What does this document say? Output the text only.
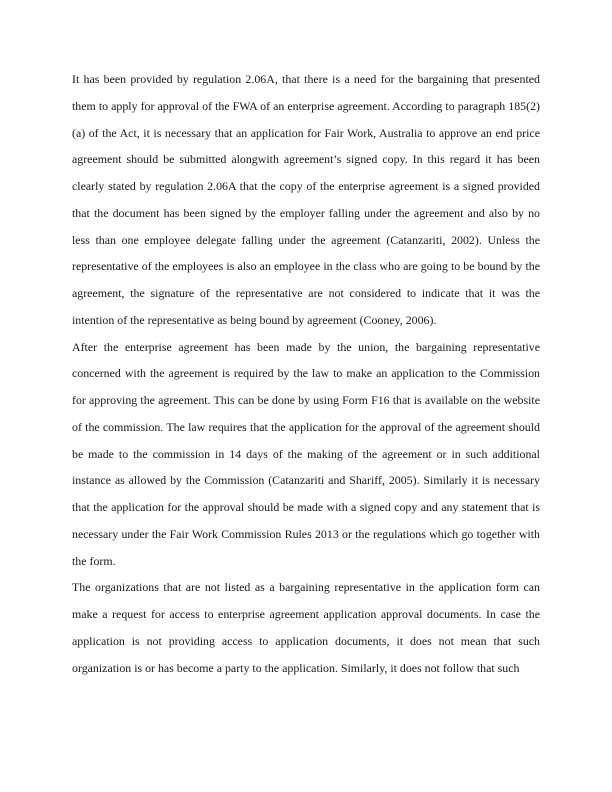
It has been provided by regulation 2.06A, that there is a need for the bargaining that presented them to apply for approval of the FWA of an enterprise agreement. According to paragraph 185(2)(a) of the Act, it is necessary that an application for Fair Work, Australia to approve an end price agreement should be submitted alongwith agreement’s signed copy. In this regard it has been clearly stated by regulation 2.06A that the copy of the enterprise agreement is a signed provided that the document has been signed by the employer falling under the agreement and also by no less than one employee delegate falling under the agreement (Catanzariti, 2002). Unless the representative of the employees is also an employee in the class who are going to be bound by the agreement, the signature of the representative are not considered to indicate that it was the intention of the representative as being bound by agreement (Cooney, 2006).

After the enterprise agreement has been made by the union, the bargaining representative concerned with the agreement is required by the law to make an application to the Commission for approving the agreement. This can be done by using Form F16 that is available on the website of the commission. The law requires that the application for the approval of the agreement should be made to the commission in 14 days of the making of the agreement or in such additional instance as allowed by the Commission (Catanzariti and Shariff, 2005). Similarly it is necessary that the application for the approval should be made with a signed copy and any statement that is necessary under the Fair Work Commission Rules 2013 or the regulations which go together with the form.

The organizations that are not listed as a bargaining representative in the application form can make a request for access to enterprise agreement application approval documents. In case the application is not providing access to application documents, it does not mean that such organization is or has become a party to the application. Similarly, it does not follow that such
